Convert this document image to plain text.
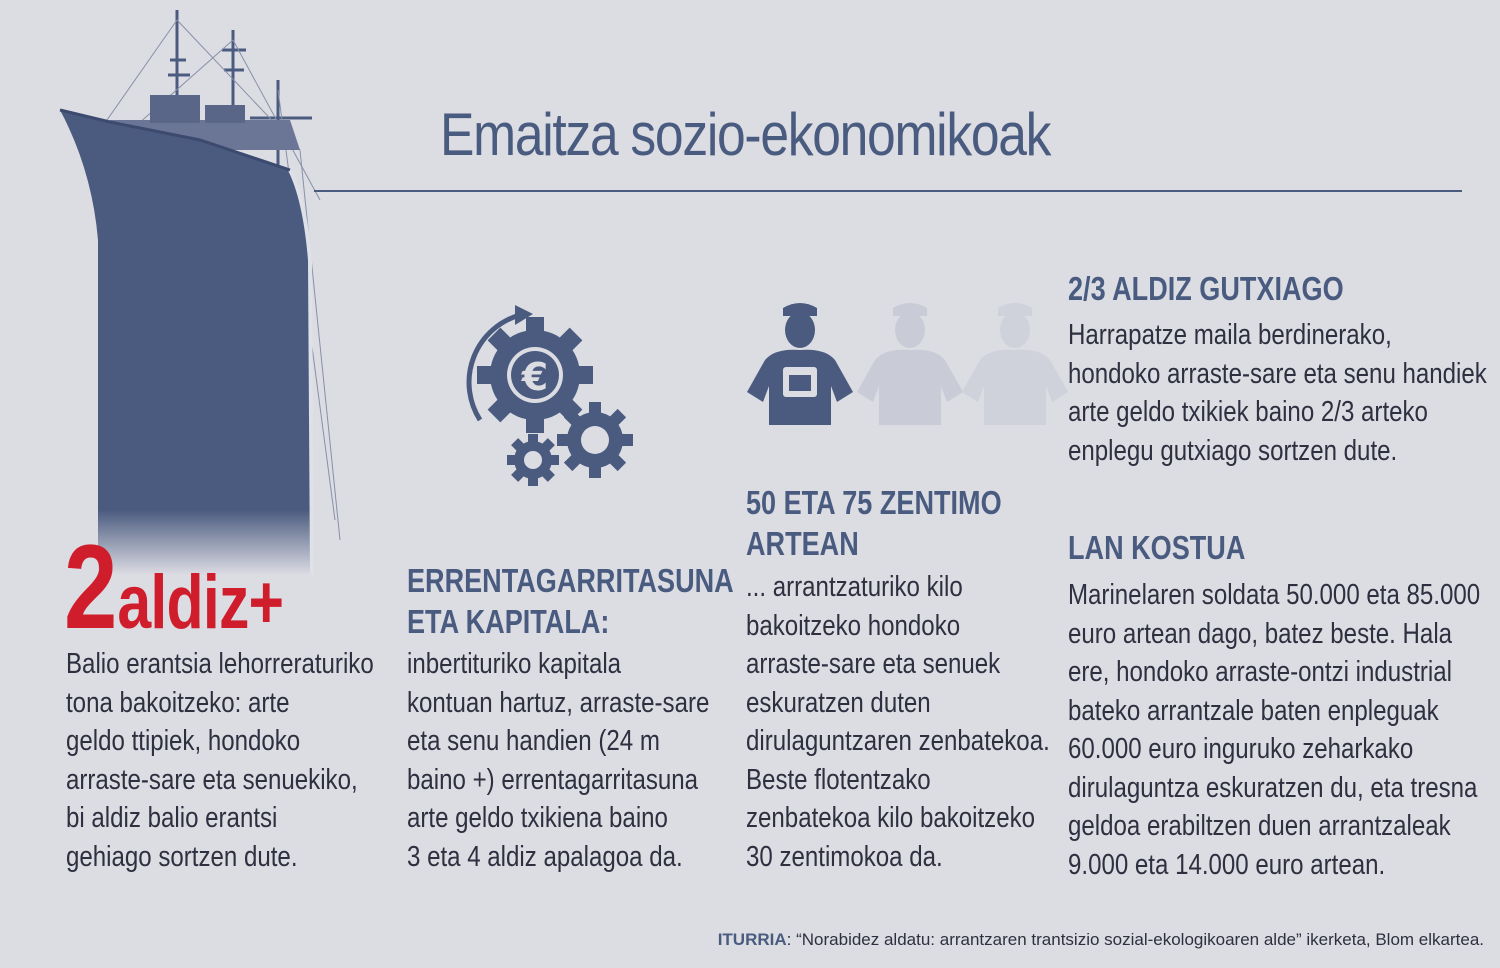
Emaitza sozio-ekonomikoak
€
2aldiz+
Balio erantsia lehorreraturiko
tona bakoitzeko: arte
geldo ttipiek, hondoko
arraste-sare eta senuekiko,
bi aldiz balio erantsi
gehiago sortzen dute.
ERRENTAGARRITASUNA
ETA KAPITALA:
inbertituriko kapitala
kontuan hartuz, arraste-sare
eta senu handien (24 m
baino +) errentagarritasuna
arte geldo txikiena baino
3 eta 4 aldiz apalagoa da.
50 ETA 75 ZENTIMO
ARTEAN
... arrantzaturiko kilo
bakoitzeko hondoko
arraste-sare eta senuek
eskuratzen duten
dirulaguntzaren zenbatekoa.
Beste flotentzako
zenbatekoa kilo bakoitzeko
30 zentimokoa da.
2/3 ALDIZ GUTXIAGO
Harrapatze maila berdinerako,
hondoko arraste-sare eta senu handiek
arte geldo txikiek baino 2/3 arteko
enplegu gutxiago sortzen dute.
LAN KOSTUA
Marinelaren soldata 50.000 eta 85.000
euro artean dago, batez beste. Hala
ere, hondoko arraste-ontzi industrial
bateko arrantzale baten enpleguak
60.000 euro inguruko zeharkako
dirulaguntza eskuratzen du, eta tresna
geldoa erabiltzen duen arrantzaleak
9.000 eta 14.000 euro artean.
ITURRIA: “Norabidez aldatu: arrantzaren trantsizio sozial-ekologikoaren alde” ikerketa, Blom elkartea.
